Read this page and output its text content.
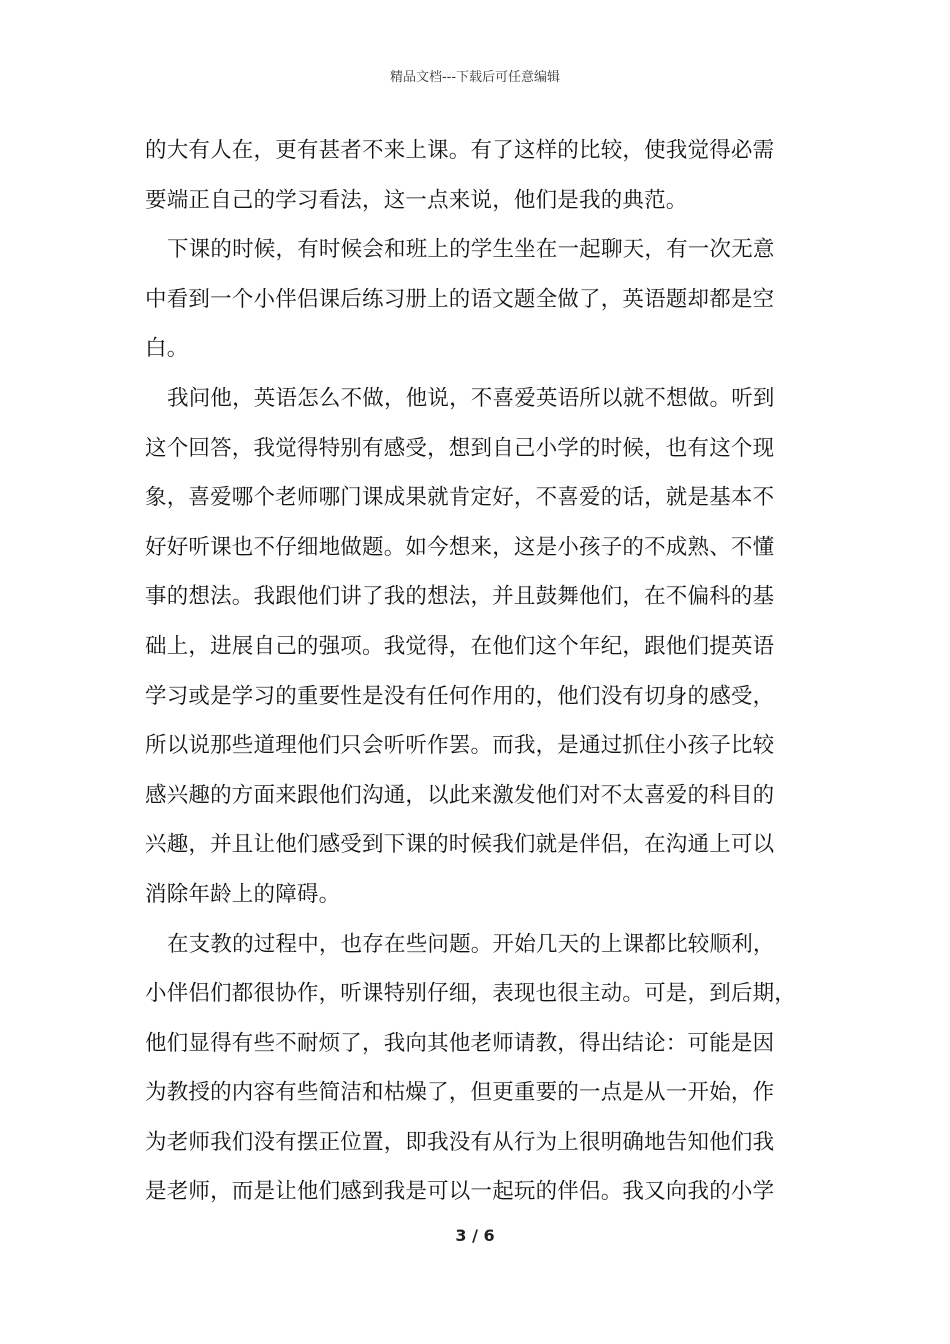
精品文档---下载后可任意编辑
的大有人在，更有甚者不来上课。有了这样的比较，使我觉得必需
要端正自己的学习看法，这一点来说，他们是我的典范。
下课的时候，有时候会和班上的学生坐在一起聊天，有一次无意
中看到一个小伴侣课后练习册上的语文题全做了，英语题却都是空
白。
我问他，英语怎么不做，他说，不喜爱英语所以就不想做。听到
这个回答，我觉得特别有感受，想到自己小学的时候，也有这个现
象，喜爱哪个老师哪门课成果就肯定好，不喜爱的话，就是基本不
好好听课也不仔细地做题。如今想来，这是小孩子的不成熟、不懂
事的想法。我跟他们讲了我的想法，并且鼓舞他们，在不偏科的基
础上，进展自己的强项。我觉得，在他们这个年纪，跟他们提英语
学习或是学习的重要性是没有任何作用的，他们没有切身的感受，
所以说那些道理他们只会听听作罢。而我，是通过抓住小孩子比较
感兴趣的方面来跟他们沟通，以此来激发他们对不太喜爱的科目的
兴趣，并且让他们感受到下课的时候我们就是伴侣，在沟通上可以
消除年龄上的障碍。
在支教的过程中，也存在些问题。开始几天的上课都比较顺利，
小伴侣们都很协作，听课特别仔细，表现也很主动。可是，到后期，
他们显得有些不耐烦了，我向其他老师请教，得出结论：可能是因
为教授的内容有些简洁和枯燥了，但更重要的一点是从一开始，作
为老师我们没有摆正位置，即我没有从行为上很明确地告知他们我
是老师，而是让他们感到我是可以一起玩的伴侣。我又向我的小学
3 / 6
